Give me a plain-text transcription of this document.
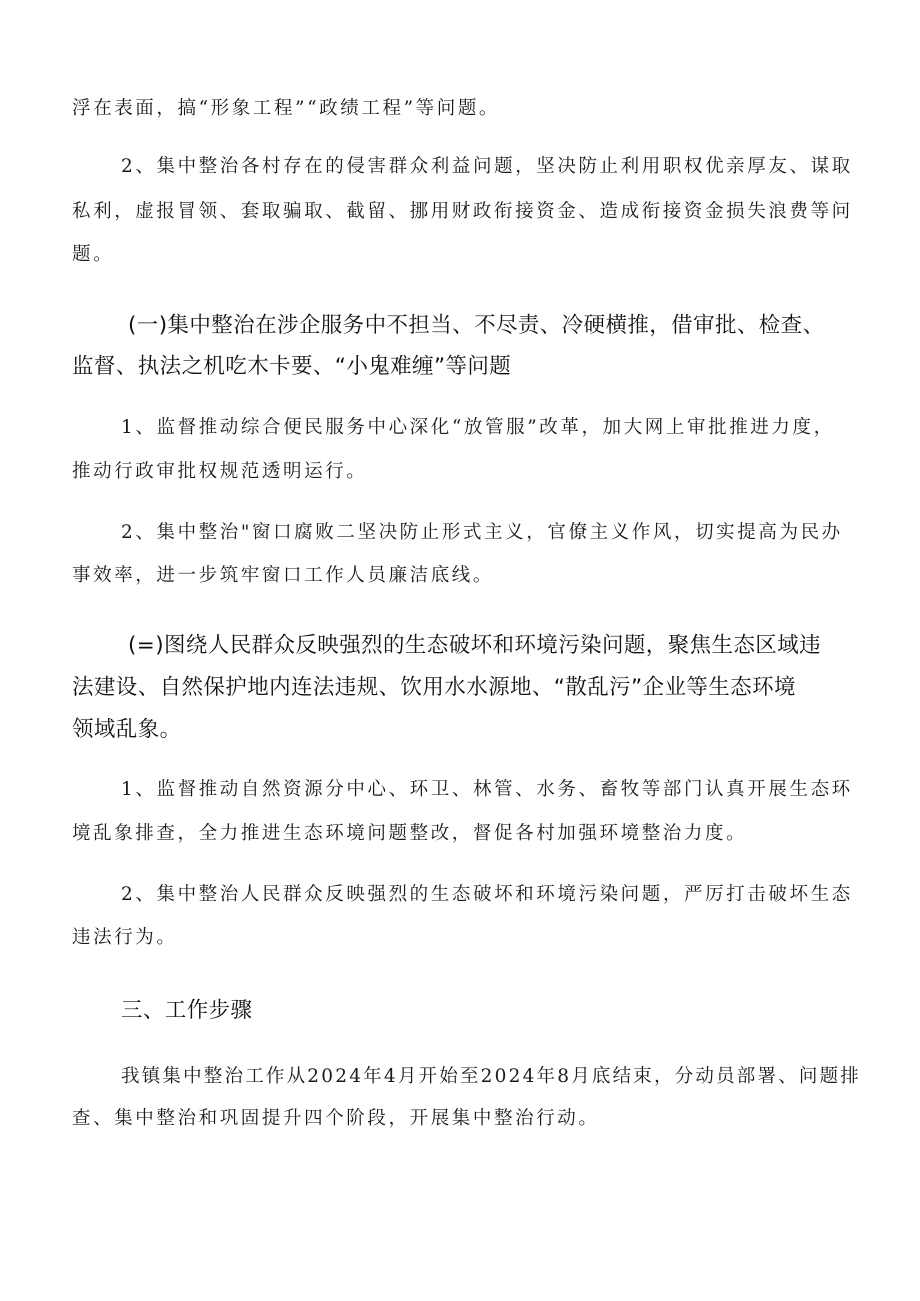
浮在表面，搞“形象工程”“政绩工程”等问题。

2、集中整治各村存在的侵害群众利益问题，坚决防止利用职权优亲厚友、谋取

私利，虚报冒领、套取骗取、截留、挪用财政衔接资金、造成衔接资金损失浪费等问

题。

(一)集中整治在涉企服务中不担当、不尽责、冷硬横推，借审批、检查、

监督、执法之机吃木卡要、“小鬼难缠”等问题

1、监督推动综合便民服务中心深化“放管服”改革，加大网上审批推进力度，

推动行政审批权规范透明运行。

2、集中整治"窗口腐败二坚决防止形式主义，官僚主义作风，切实提高为民办

事效率，进一步筑牢窗口工作人员廉洁底线。

(=)图绕人民群众反映强烈的生态破坏和环境污染问题，聚焦生态区域违

法建设、自然保护地内连法违规、饮用水水源地、“散乱污”企业等生态环境

领域乱象。

1、监督推动自然资源分中心、环卫、林管、水务、畜牧等部门认真开展生态环

境乱象排查，全力推进生态环境问题整改，督促各村加强环境整治力度。

2、集中整治人民群众反映强烈的生态破坏和环境污染问题，严厉打击破坏生态

违法行为。

三、工作步骤

我镇集中整治工作从2024年4月开始至2024年8月底结束，分动员部署、问题排

查、集中整治和巩固提升四个阶段，开展集中整治行动。
